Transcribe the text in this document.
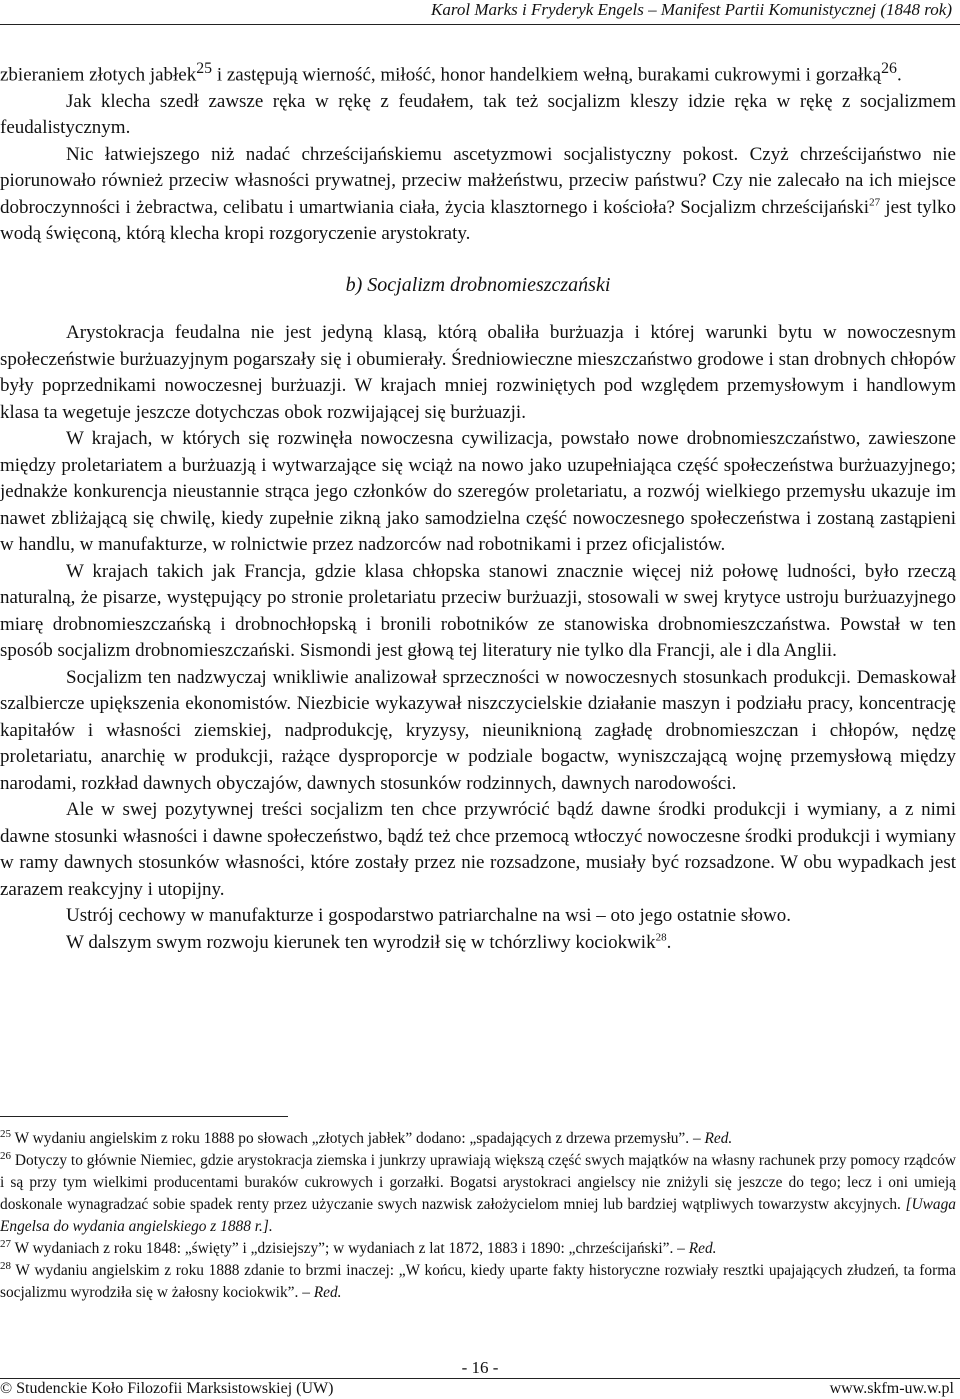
Karol Marks i Fryderyk Engels – Manifest Partii Komunistycznej (1848 rok)

zbieraniem złotych jabłek$^{25}$ i zastępują wierność, miłość, honor handelkiem wełną, burakami cukrowymi i gorzałką$^{26}$.

Jak klecha szedł zawsze ręka w rękę z feudałem, tak też socjalizm kleszy idzie ręka w rękę z socjalizmem feudalistycznym.

Nic łatwiejszego niż nadać chrześcijańskiemu ascetyzmowi socjalistyczny pokost. Czyż chrześcijaństwo nie piorunowało również przeciw własności prywatnej, przeciw małżeństwu, przeciw państwu? Czy nie zalecało na ich miejsce dobroczynności i żebractwa, celibatu i umartwiania ciała, życia klasztornego i kościoła? Socjalizm chrześcijański$^{27}$ jest tylko wodą święconą, którą klecha kropi rozgoryczenie arystokraty.

b) Socjalizm drobnomieszczański

Arystokracja feudalna nie jest jedyną klasą, którą obaliła burżuazja i której warunki bytu w nowoczesnym społeczeństwie burżuazyjnym pogarszały się i obumierały. Średniowieczne mieszczaństwo grodowe i stan drobnych chłopów były poprzednikami nowoczesnej burżuazji. W krajach mniej rozwiniętych pod względem przemysłowym i handlowym klasa ta wegetuje jeszcze dotychczas obok rozwijającej się burżuazji.

W krajach, w których się rozwinęła nowoczesna cywilizacja, powstało nowe drobnomieszczaństwo, zawieszone między proletariatem a burżuazją i wytwarzające się wciąż na nowo jako uzupełniająca część społeczeństwa burżuazyjnego; jednakże konkurencja nieustannie strąca jego członków do szeregów proletariatu, a rozwój wielkiego przemysłu ukazuje im nawet zbliżającą się chwilę, kiedy zupełnie zikną jako samodzielna część nowoczesnego społeczeństwa i zostaną zastąpieni w handlu, w manufakturze, w rolnictwie przez nadzorców nad robotnikami i przez oficjalistów.

W krajach takich jak Francja, gdzie klasa chłopska stanowi znacznie więcej niż połowę ludności, było rzeczą naturalną, że pisarze, występujący po stronie proletariatu przeciw burżuazji, stosowali w swej krytyce ustroju burżuazyjnego miarę drobnomieszczańską i drobnochłopską i bronili robotników ze stanowiska drobnomieszczaństwa. Powstał w ten sposób socjalizm drobnomieszczański. Sismondi jest głową tej literatury nie tylko dla Francji, ale i dla Anglii.

Socjalizm ten nadzwyczaj wnikliwie analizował sprzeczności w nowoczesnych stosunkach produkcji. Demaskował szalbiercze upiększenia ekonomistów. Niezbicie wykazywał niszczycielskie działanie maszyn i podziału pracy, koncentrację kapitałów i własności ziemskiej, nadprodukcję, kryzysy, nieuniknioną zagładę drobnomieszczan i chłopów, nędzę proletariatu, anarchię w produkcji, rażące dysproporcje w podziale bogactw, wyniszczającą wojnę przemysłową między narodami, rozkład dawnych obyczajów, dawnych stosunków rodzinnych, dawnych narodowości.

Ale w swej pozytywnej treści socjalizm ten chce przywrócić bądź dawne środki produkcji i wymiany, a z nimi dawne stosunki własności i dawne społeczeństwo, bądź też chce przemocą wtłoczyć nowoczesne środki produkcji i wymiany w ramy dawnych stosunków własności, które zostały przez nie rozsadzone, musiały być rozsadzone. W obu wypadkach jest zarazem reakcyjny i utopijny.

Ustrój cechowy w manufakturze i gospodarstwo patriarchalne na wsi – oto jego ostatnie słowo.

W dalszym swym rozwoju kierunek ten wyrodził się w tchórzliwy kociokwik$^{28}$.

$^{25}$ W wydaniu angielskim z roku 1888 po słowach „złotych jabłek” dodano: „spadających z drzewa przemysłu”. – Red.

$^{26}$ Dotyczy to głównie Niemiec, gdzie arystokracja ziemska i junkrzy uprawiają większą część swych majątków na własny rachunek przy pomocy rządców i są przy tym wielkimi producentami buraków cukrowych i gorzałki. Bogatsi arystokraci angielscy nie zniżyli się jeszcze do tego; lecz i oni umieją doskonale wynagradzać sobie spadek renty przez użyczanie swych nazwisk założycielom mniej lub bardziej wątpliwych towarzystw akcyjnych. [Uwaga Engelsa do wydania angielskiego z 1888 r.].

$^{27}$ W wydaniach z roku 1848: „święty” i „dzisiejszy”; w wydaniach z lat 1872, 1883 i 1890: „chrześcijański”. – Red.

$^{28}$ W wydaniu angielskim z roku 1888 zdanie to brzmi inaczej: „W końcu, kiedy uparte fakty historyczne rozwiały resztki upajających złudzeń, ta forma socjalizmu wyrodziła się w żałosny kociokwik”. – Red.

- 16 -
© Studenckie Koło Filozofii Marksistowskiej (UW)	www.skfm-uw.w.pl
